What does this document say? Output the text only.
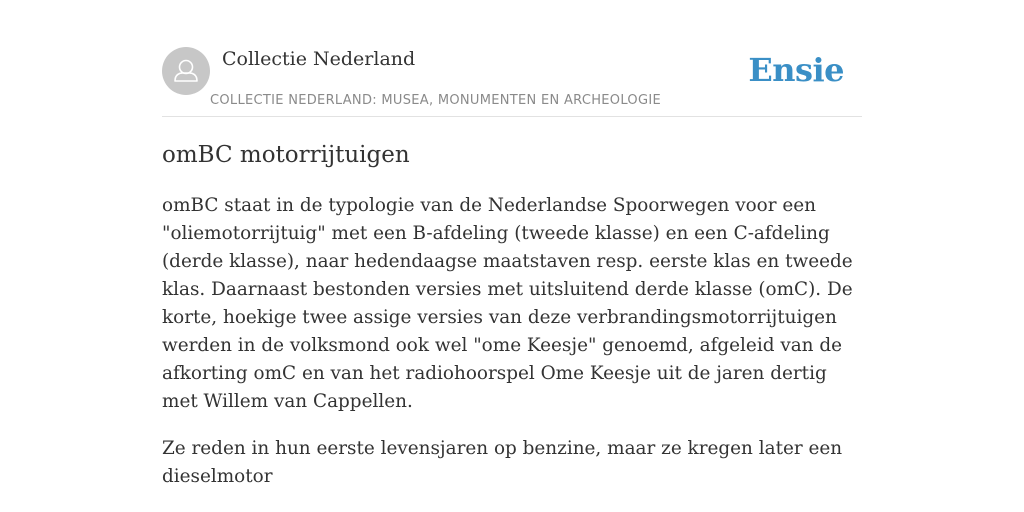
Collectie Nederland
COLLECTIE NEDERLAND: MUSEA, MONUMENTEN EN ARCHEOLOGIE
Ensie
omBC motorrijtuigen

omBC staat in de typologie van de Nederlandse Spoorwegen voor een "oliemotorrijtuig" met een B-afdeling (tweede klasse) en een C-afdeling (derde klasse), naar hedendaagse maatstaven resp. eerste klas en tweede klas. Daarnaast bestonden versies met uitsluitend derde klasse (omC). De korte, hoekige twee assige versies van deze verbrandingsmotorrijtuigen werden in de volksmond ook wel "ome Keesje" genoemd, afgeleid van de afkorting omC en van het radiohoorspel Ome Keesje uit de jaren dertig met Willem van Cappellen.

Ze reden in hun eerste levensjaren op benzine, maar ze kregen later een dieselmotor
